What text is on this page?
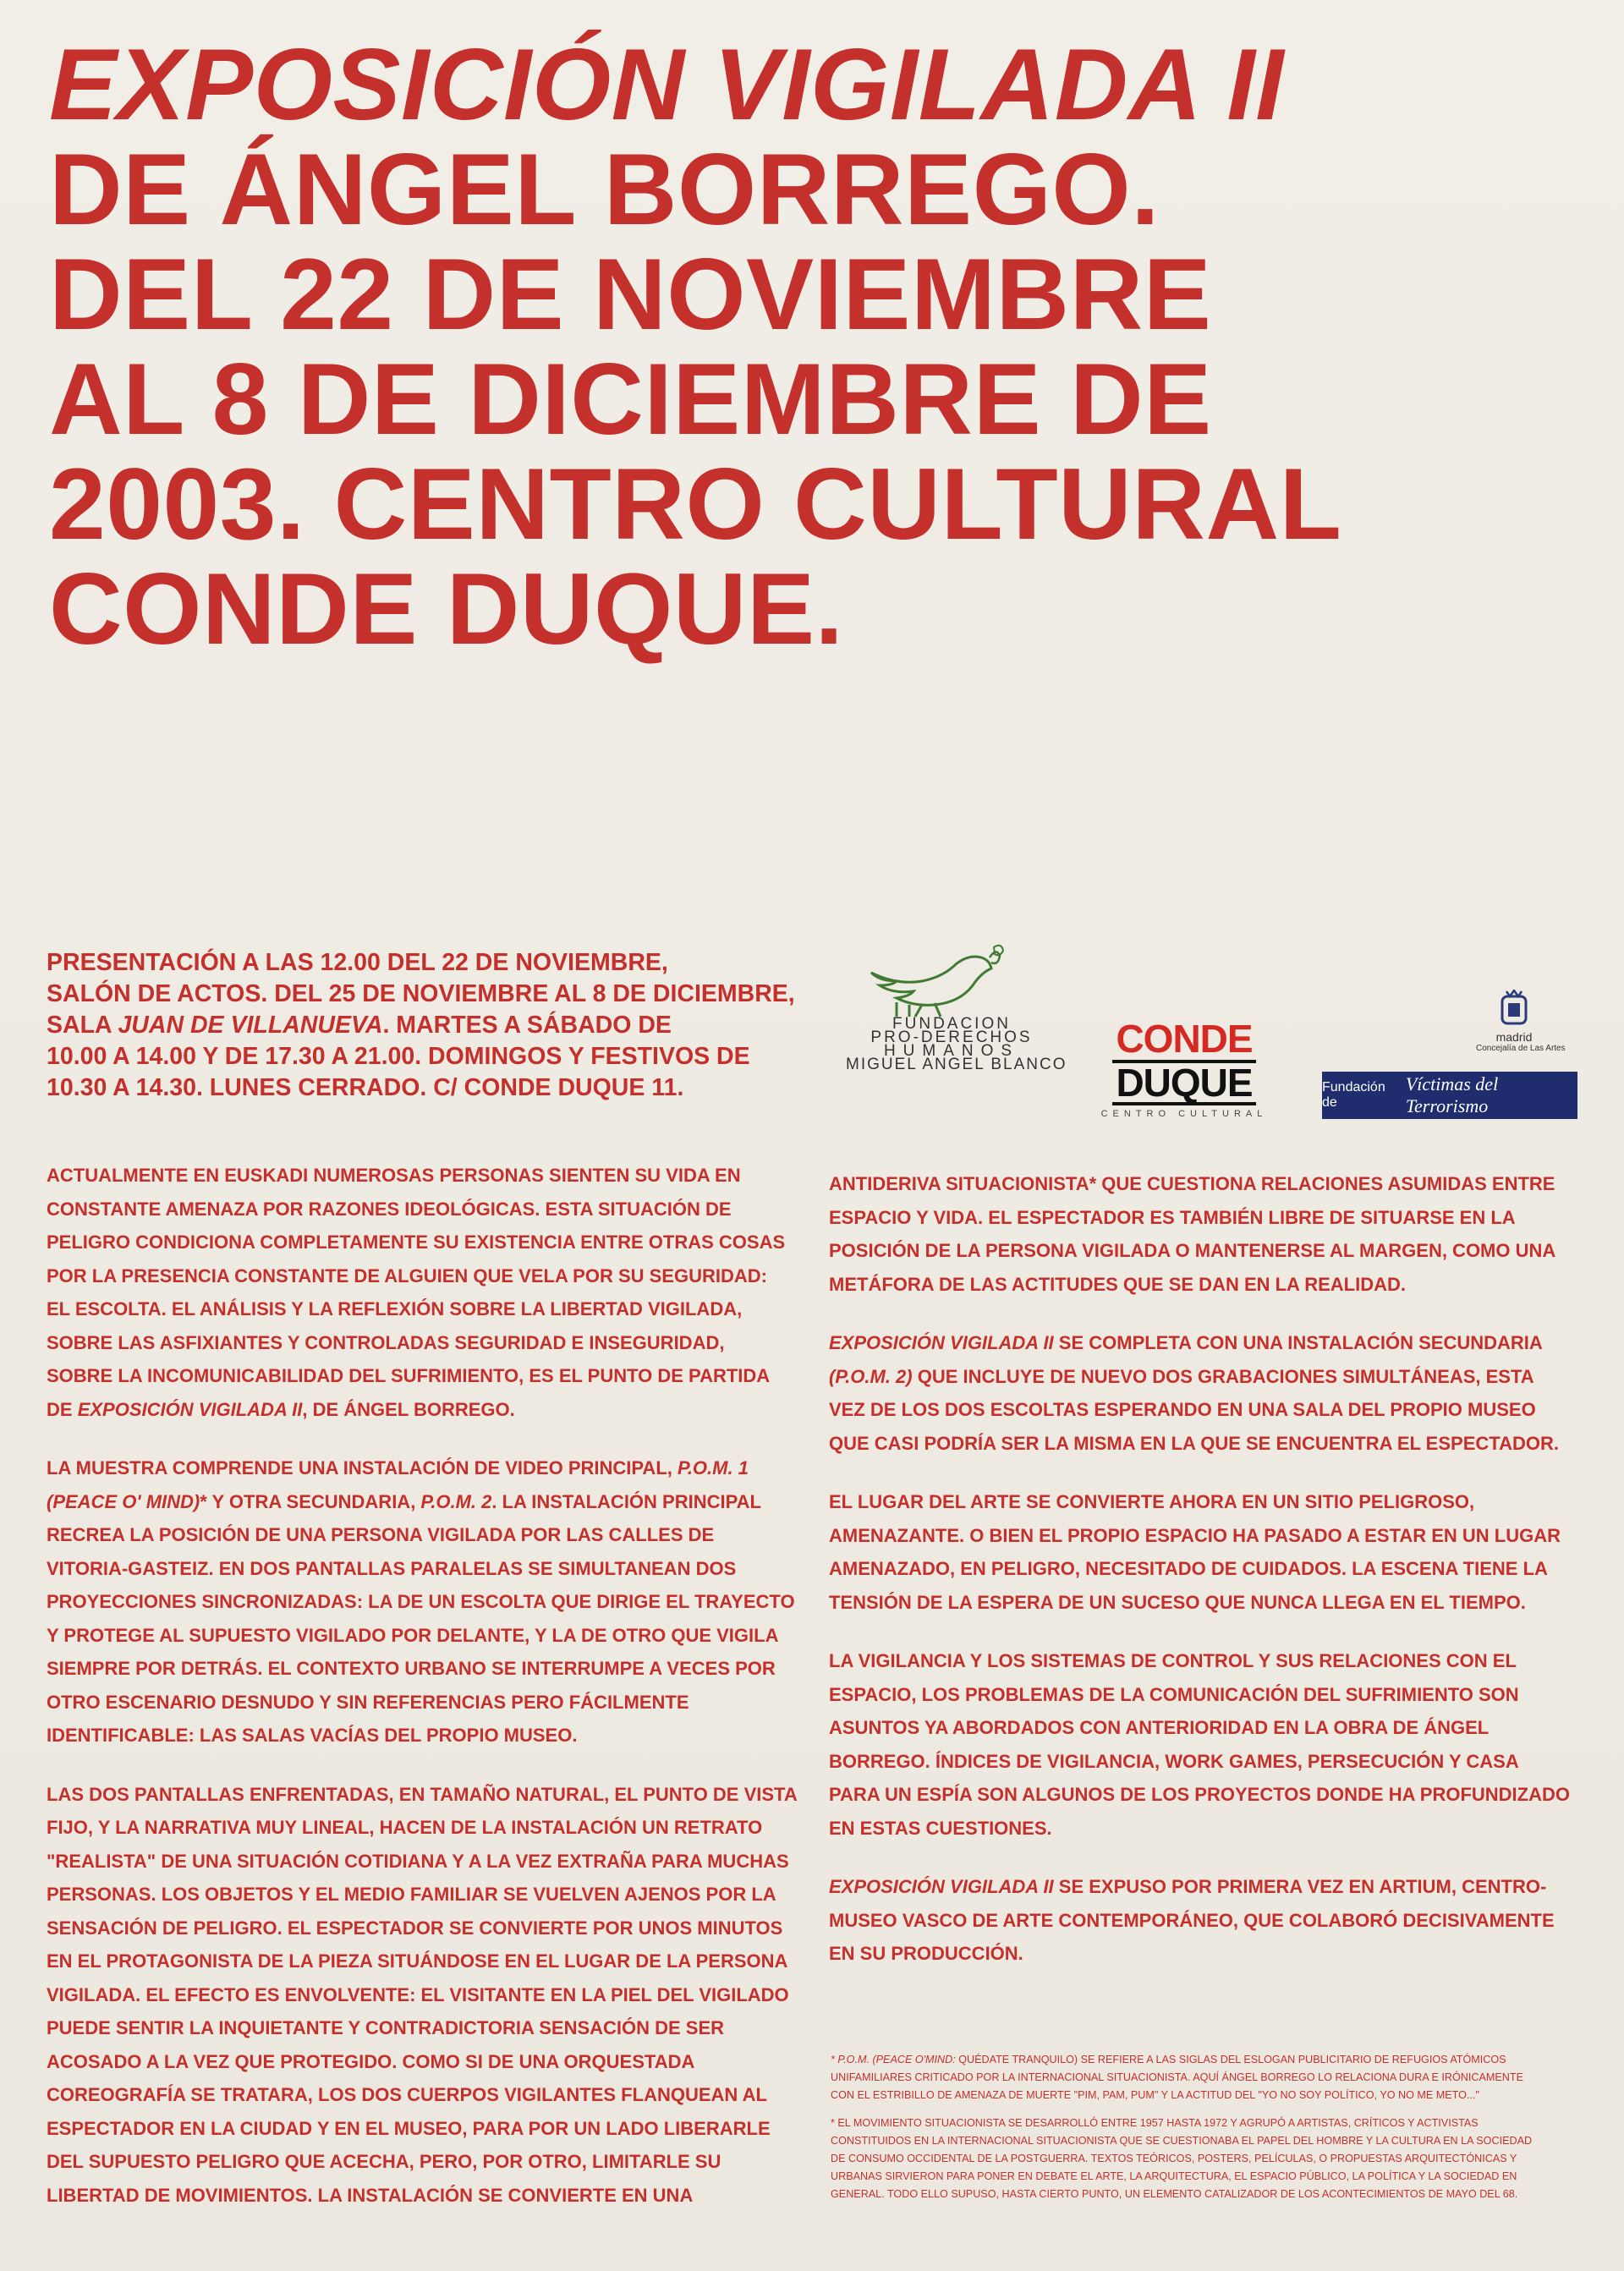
EXPOSICIÓN VIGILADA II
DE ÁNGEL BORREGO.
DEL 22 DE NOVIEMBRE
AL 8 DE DICIEMBRE DE
2003. CENTRO CULTURAL
CONDE DUQUE.
PRESENTACIÓN A LAS 12.00 DEL 22 DE NOVIEMBRE,
SALÓN DE ACTOS. DEL 25 DE NOVIEMBRE AL 8 DE DICIEMBRE,
SALA JUAN DE VILLANUEVA. MARTES A SÁBADO DE
10.00 A 14.00 Y DE 17.30 A 21.00. DOMINGOS Y FESTIVOS DE
10.30 A 14.30. LUNES CERRADO. C/ CONDE DUQUE 11.
FUNDACION
PRO-DERECHOS
HUMANOS
MIGUEL ANGEL BLANCO
CONDE
DUQUE
CENTRO CULTURAL
madrid
Concejalía de Las Artes
Fundación de
Víctimas del Terrorismo

ACTUALMENTE EN EUSKADI NUMEROSAS PERSONAS SIENTEN SU VIDA EN
CONSTANTE AMENAZA POR RAZONES IDEOLÓGICAS. ESTA SITUACIÓN DE
PELIGRO CONDICIONA COMPLETAMENTE SU EXISTENCIA ENTRE OTRAS COSAS
POR LA PRESENCIA CONSTANTE DE ALGUIEN QUE VELA POR SU SEGURIDAD:
EL ESCOLTA. EL ANÁLISIS Y LA REFLEXIÓN SOBRE LA LIBERTAD VIGILADA,
SOBRE LAS ASFIXIANTES Y CONTROLADAS SEGURIDAD E INSEGURIDAD,
SOBRE LA INCOMUNICABILIDAD DEL SUFRIMIENTO, ES EL PUNTO DE PARTIDA
DE EXPOSICIÓN VIGILADA II, DE ÁNGEL BORREGO.

LA MUESTRA COMPRENDE UNA INSTALACIÓN DE VIDEO PRINCIPAL, P.O.M. 1
(PEACE O' MIND)* Y OTRA SECUNDARIA, P.O.M. 2. LA INSTALACIÓN PRINCIPAL
RECREA LA POSICIÓN DE UNA PERSONA VIGILADA POR LAS CALLES DE
VITORIA-GASTEIZ. EN DOS PANTALLAS PARALELAS SE SIMULTANEAN DOS
PROYECCIONES SINCRONIZADAS: LA DE UN ESCOLTA QUE DIRIGE EL TRAYECTO
Y PROTEGE AL SUPUESTO VIGILADO POR DELANTE, Y LA DE OTRO QUE VIGILA
SIEMPRE POR DETRÁS. EL CONTEXTO URBANO SE INTERRUMPE A VECES POR
OTRO ESCENARIO DESNUDO Y SIN REFERENCIAS PERO FÁCILMENTE
IDENTIFICABLE: LAS SALAS VACÍAS DEL PROPIO MUSEO.

LAS DOS PANTALLAS ENFRENTADAS, EN TAMAÑO NATURAL, EL PUNTO DE VISTA
FIJO, Y LA NARRATIVA MUY LINEAL, HACEN DE LA INSTALACIÓN UN RETRATO
"REALISTA" DE UNA SITUACIÓN COTIDIANA Y A LA VEZ EXTRAÑA PARA MUCHAS
PERSONAS. LOS OBJETOS Y EL MEDIO FAMILIAR SE VUELVEN AJENOS POR LA
SENSACIÓN DE PELIGRO. EL ESPECTADOR SE CONVIERTE POR UNOS MINUTOS
EN EL PROTAGONISTA DE LA PIEZA SITUÁNDOSE EN EL LUGAR DE LA PERSONA
VIGILADA. EL EFECTO ES ENVOLVENTE: EL VISITANTE EN LA PIEL DEL VIGILADO
PUEDE SENTIR LA INQUIETANTE Y CONTRADICTORIA SENSACIÓN DE SER
ACOSADO A LA VEZ QUE PROTEGIDO. COMO SI DE UNA ORQUESTADA
COREOGRAFÍA SE TRATARA, LOS DOS CUERPOS VIGILANTES FLANQUEAN AL
ESPECTADOR EN LA CIUDAD Y EN EL MUSEO, PARA POR UN LADO LIBERARLE
DEL SUPUESTO PELIGRO QUE ACECHA, PERO, POR OTRO, LIMITARLE SU
LIBERTAD DE MOVIMIENTOS. LA INSTALACIÓN SE CONVIERTE EN UNA

ANTIDERIVA SITUACIONISTA* QUE CUESTIONA RELACIONES ASUMIDAS ENTRE
ESPACIO Y VIDA. EL ESPECTADOR ES TAMBIÉN LIBRE DE SITUARSE EN LA
POSICIÓN DE LA PERSONA VIGILADA O MANTENERSE AL MARGEN, COMO UNA
METÁFORA DE LAS ACTITUDES QUE SE DAN EN LA REALIDAD.

EXPOSICIÓN VIGILADA II SE COMPLETA CON UNA INSTALACIÓN SECUNDARIA
(P.O.M. 2) QUE INCLUYE DE NUEVO DOS GRABACIONES SIMULTÁNEAS, ESTA
VEZ DE LOS DOS ESCOLTAS ESPERANDO EN UNA SALA DEL PROPIO MUSEO
QUE CASI PODRÍA SER LA MISMA EN LA QUE SE ENCUENTRA EL ESPECTADOR.

EL LUGAR DEL ARTE SE CONVIERTE AHORA EN UN SITIO PELIGROSO,
AMENAZANTE. O BIEN EL PROPIO ESPACIO HA PASADO A ESTAR EN UN LUGAR
AMENAZADO, EN PELIGRO, NECESITADO DE CUIDADOS. LA ESCENA TIENE LA
TENSIÓN DE LA ESPERA DE UN SUCESO QUE NUNCA LLEGA EN EL TIEMPO.

LA VIGILANCIA Y LOS SISTEMAS DE CONTROL Y SUS RELACIONES CON EL
ESPACIO, LOS PROBLEMAS DE LA COMUNICACIÓN DEL SUFRIMIENTO SON
ASUNTOS YA ABORDADOS CON ANTERIORIDAD EN LA OBRA DE ÁNGEL
BORREGO. ÍNDICES DE VIGILANCIA, WORK GAMES, PERSECUCIÓN Y CASA
PARA UN ESPÍA SON ALGUNOS DE LOS PROYECTOS DONDE HA PROFUNDIZADO
EN ESTAS CUESTIONES.

EXPOSICIÓN VIGILADA II SE EXPUSO POR PRIMERA VEZ EN ARTIUM, CENTRO-
MUSEO VASCO DE ARTE CONTEMPORÁNEO, QUE COLABORÓ DECISIVAMENTE
EN SU PRODUCCIÓN.

* P.O.M. (PEACE O'MIND: QUÉDATE TRANQUILO) SE REFIERE A LAS SIGLAS DEL ESLOGAN PUBLICITARIO DE REFUGIOS ATÓMICOS
UNIFAMILIARES CRITICADO POR LA INTERNACIONAL SITUACIONISTA. AQUÍ ÁNGEL BORREGO LO RELACIONA DURA E IRÓNICAMENTE
CON EL ESTRIBILLO DE AMENAZA DE MUERTE "PIM, PAM, PUM" Y LA ACTITUD DEL "YO NO SOY POLÍTICO, YO NO ME METO..."

* EL MOVIMIENTO SITUACIONISTA SE DESARROLLÓ ENTRE 1957 HASTA 1972 Y AGRUPÓ A ARTISTAS, CRÍTICOS Y ACTIVISTAS
CONSTITUIDOS EN LA INTERNACIONAL SITUACIONISTA QUE SE CUESTIONABA EL PAPEL DEL HOMBRE Y LA CULTURA EN LA SOCIEDAD
DE CONSUMO OCCIDENTAL DE LA POSTGUERRA. TEXTOS TEÓRICOS, POSTERS, PELÍCULAS, O PROPUESTAS ARQUITECTÓNICAS Y
URBANAS SIRVIERON PARA PONER EN DEBATE EL ARTE, LA ARQUITECTURA, EL ESPACIO PÚBLICO, LA POLÍTICA Y LA SOCIEDAD EN
GENERAL. TODO ELLO SUPUSO, HASTA CIERTO PUNTO, UN ELEMENTO CATALIZADOR DE LOS ACONTECIMIENTOS DE MAYO DEL 68.
